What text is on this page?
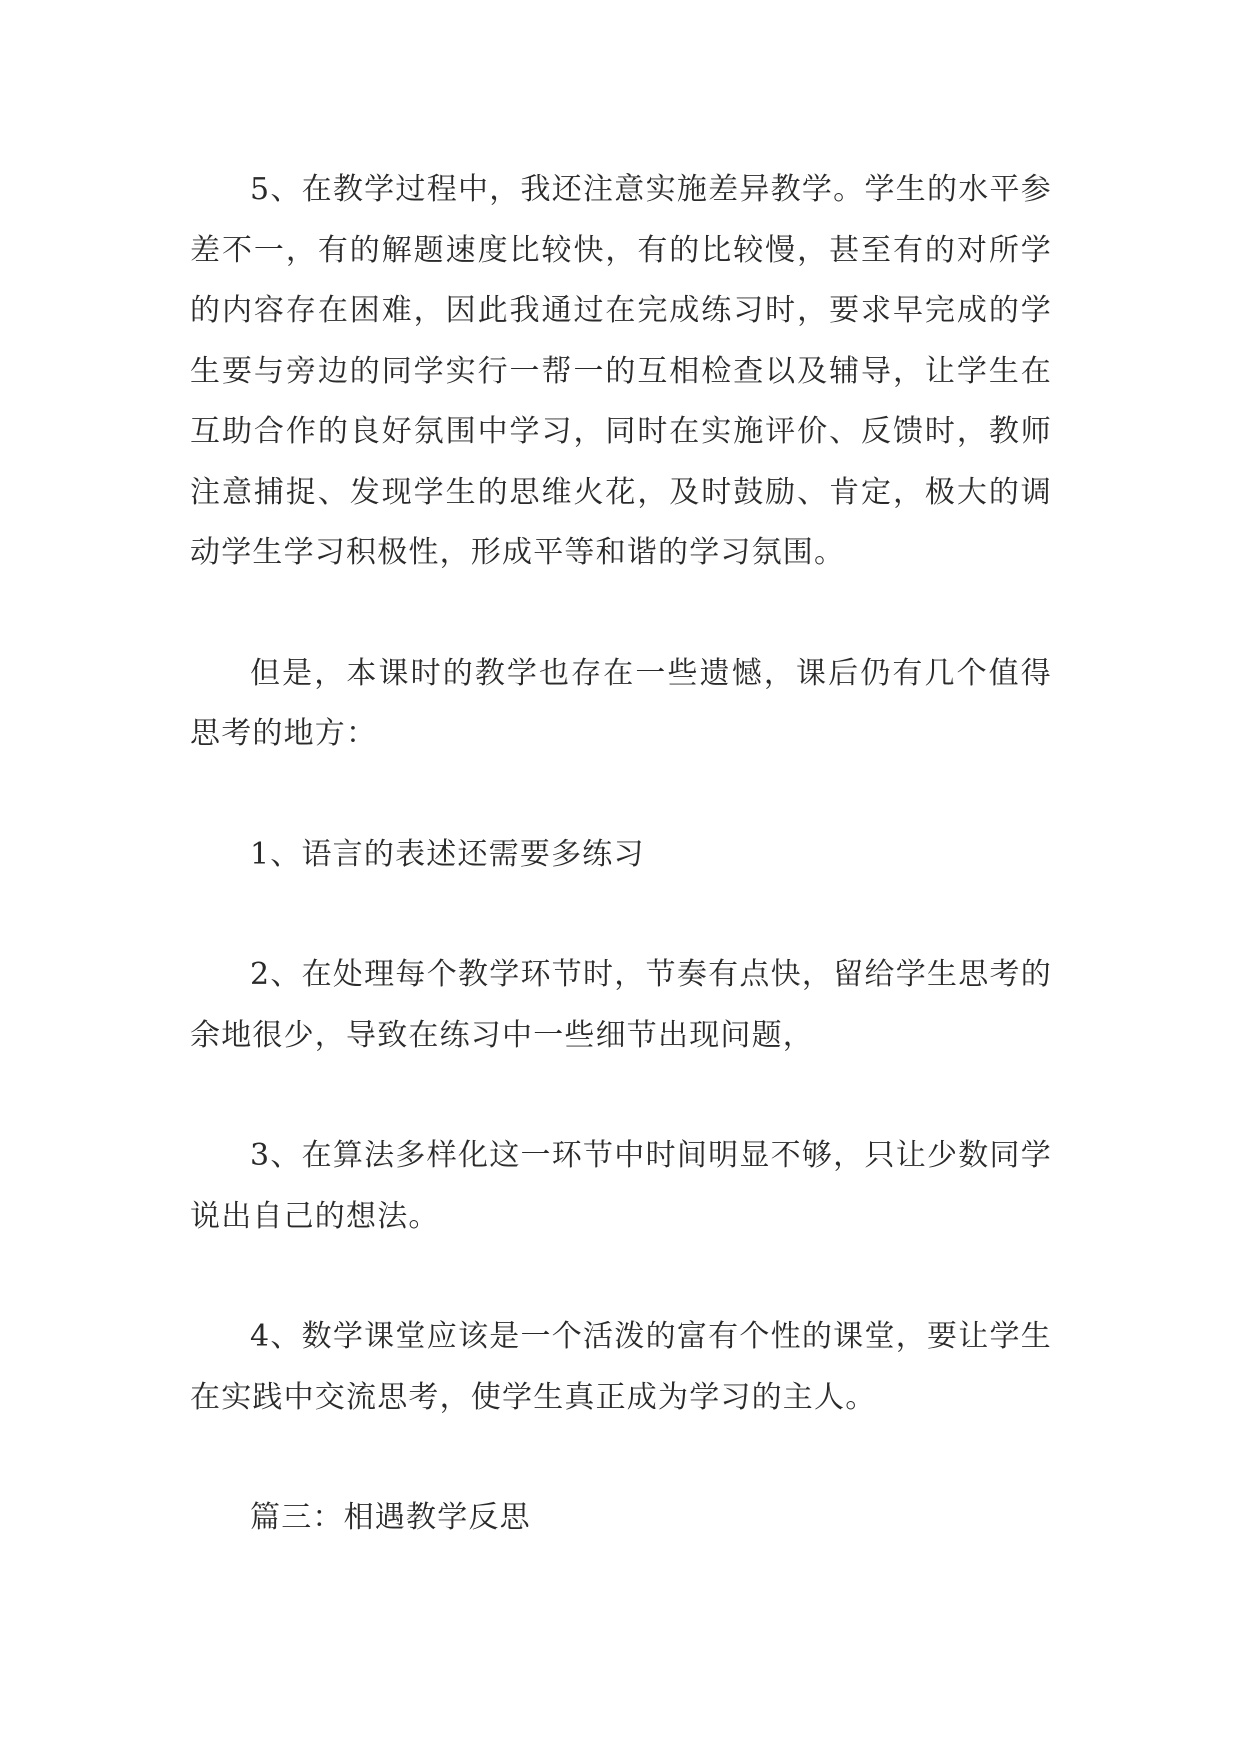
5、在教学过程中，我还注意实施差异教学。学生的水平参差不一，有的解题速度比较快，有的比较慢，甚至有的对所学的内容存在困难，因此我通过在完成练习时，要求早完成的学生要与旁边的同学实行一帮一的互相检查以及辅导，让学生在互助合作的良好氛围中学习，同时在实施评价、反馈时，教师注意捕捉、发现学生的思维火花，及时鼓励、肯定，极大的调动学生学习积极性，形成平等和谐的学习氛围。

但是，本课时的教学也存在一些遗憾，课后仍有几个值得思考的地方：

1、语言的表述还需要多练习

2、在处理每个教学环节时，节奏有点快，留给学生思考的余地很少，导致在练习中一些细节出现问题，

3、在算法多样化这一环节中时间明显不够，只让少数同学说出自己的想法。

4、数学课堂应该是一个活泼的富有个性的课堂，要让学生在实践中交流思考，使学生真正成为学习的主人。

篇三：相遇教学反思
